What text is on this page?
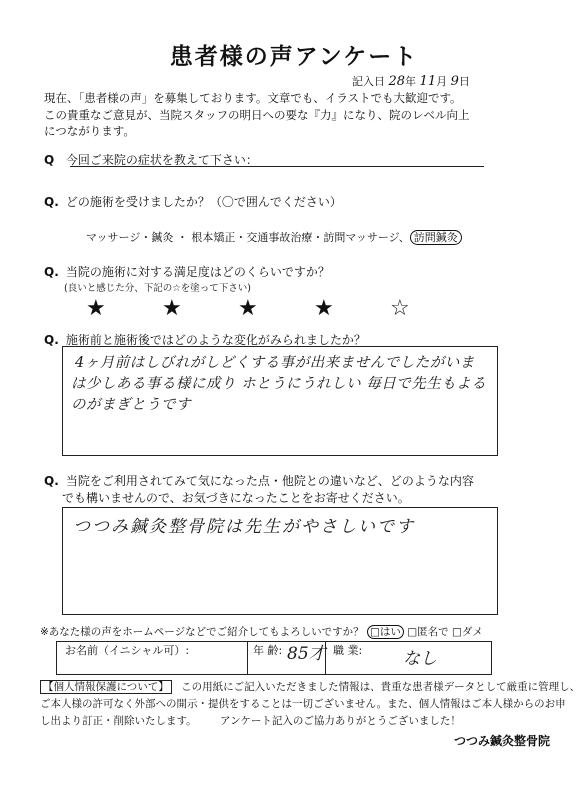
患者様の声アンケート
記入日 28年 11月 9日
現在、「患者様の声」を募集しております。文章でも、イラストでも大歓迎です。
この貴重なご意見が、当院スタッフの明日への要な『力』になり、院のレベル向上
につながります。
Q 今回ご来院の症状を教えて下さい：
Q. どの施術を受けましたか？（〇で囲んでください）
マッサージ・鍼灸 ・ 根本矯正・交通事故治療・訪問マッサージ、 訪問鍼灸
Q. 当院の施術に対する満足度はどのくらいですか？
(良いと感じた分、下記の☆を塗って下さい)
★	★	★	★	☆
Q. 施術前と施術後ではどのような変化がみられましたか？
4ヶ月前はしびれがしどくする事が出来ませんでしたがいま
は少しある事る様に成り ホとうにうれしい 毎日で先生もよる
のがまぎとうです
Q. 当院をご利用されてみて気になった点・他院との違いなど、どのような内容
でも構いませんので、お気づきになったことをお寄せください。
つつみ鍼灸整骨院は先生がやさしいです
※あなた様の声をホームページなどでご紹介してもよろしいですか？ □はい □匿名で □ダメ
お名前（イニシャル可）:	年 齢: 85才 職 業: なし
【個人情報保護について】 この用紙にご記入いただきました情報は、貴重な患者様データとして厳重に管理し、
ご本人様の許可なく外部への開示・提供をすることは一切ございません。また、個人情報はご本人様からのお申
し出より訂正・削除いたします。 アンケート記入のご協力ありがとうございました！
つつみ鍼灸整骨院
